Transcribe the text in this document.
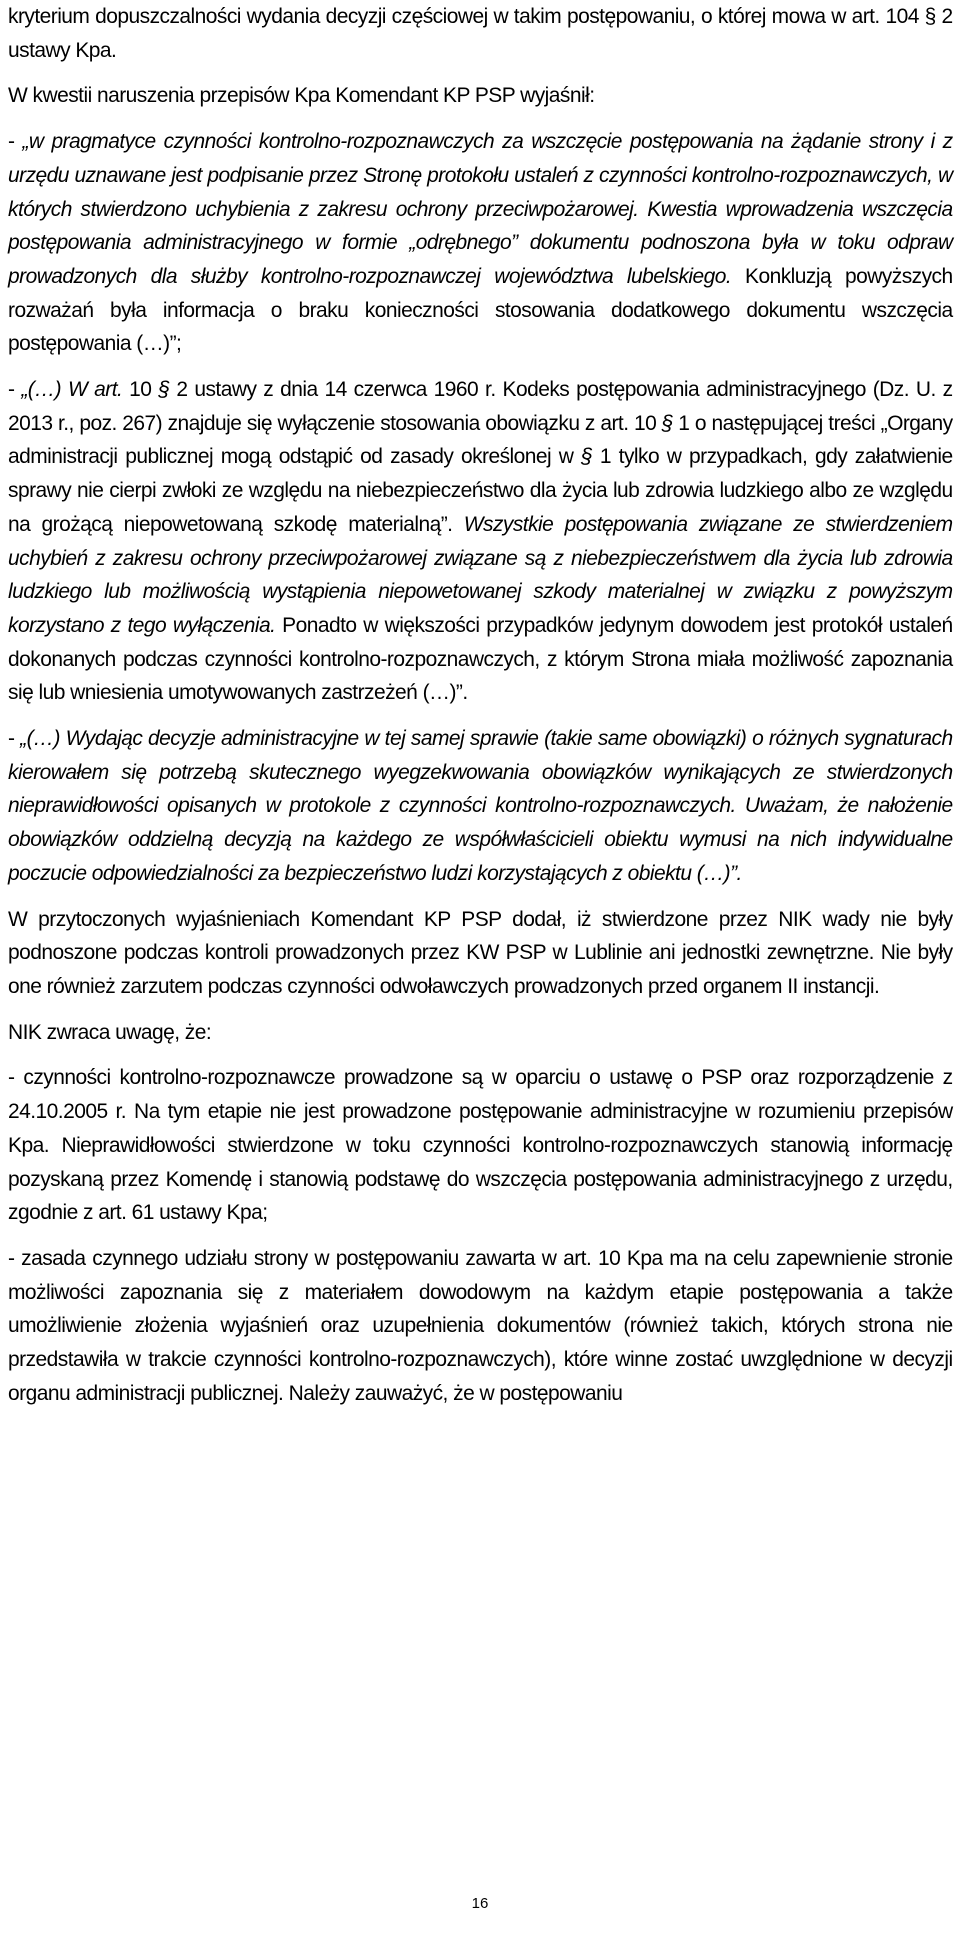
kryterium dopuszczalności wydania decyzji częściowej w takim postępowaniu, o której mowa w art. 104 § 2 ustawy Kpa.

W kwestii naruszenia przepisów Kpa Komendant KP PSP wyjaśnił:

- „w pragmatyce czynności kontrolno-rozpoznawczych za wszczęcie postępowania na żądanie strony i z urzędu uznawane jest podpisanie przez Stronę protokołu ustaleń z czynności kontrolno-rozpoznawczych, w których stwierdzono uchybienia z zakresu ochrony przeciwpożarowej. Kwestia wprowadzenia wszczęcia postępowania administracyjnego w formie „odrębnego” dokumentu podnoszona była w toku odpraw prowadzonych dla służby kontrolno-rozpoznawczej województwa lubelskiego. Konkluzją powyższych rozważań była informacja o braku konieczności stosowania dodatkowego dokumentu wszczęcia postępowania (…)”;

- „(…) W art. 10 § 2 ustawy z dnia 14 czerwca 1960 r. Kodeks postępowania administracyjnego (Dz. U. z 2013 r., poz. 267) znajduje się wyłączenie stosowania obowiązku z art. 10 § 1 o następującej treści „Organy administracji publicznej mogą odstąpić od zasady określonej w § 1 tylko w przypadkach, gdy załatwienie sprawy nie cierpi zwłoki ze względu na niebezpieczeństwo dla życia lub zdrowia ludzkiego albo ze względu na grożącą niepowetowaną szkodę materialną”. Wszystkie postępowania związane ze stwierdzeniem uchybień z zakresu ochrony przeciwpożarowej związane są z niebezpieczeństwem dla życia lub zdrowia ludzkiego lub możliwością wystąpienia niepowetowanej szkody materialnej w związku z powyższym korzystano z tego wyłączenia. Ponadto w większości przypadków jedynym dowodem jest protokół ustaleń dokonanych podczas czynności kontrolno-rozpoznawczych, z którym Strona miała możliwość zapoznania się lub wniesienia umotywowanych zastrzeżeń (…)”.

- „(…) Wydając decyzje administracyjne w tej samej sprawie (takie same obowiązki) o różnych sygnaturach kierowałem się potrzebą skutecznego wyegzekwowania obowiązków wynikających ze stwierdzonych nieprawidłowości opisanych w protokole z czynności kontrolno-rozpoznawczych. Uważam, że nałożenie obowiązków oddzielną decyzją na każdego ze współwłaścicieli obiektu wymusi na nich indywidualne poczucie odpowiedzialności za bezpieczeństwo ludzi korzystających z obiektu (…)”.

W przytoczonych wyjaśnieniach Komendant KP PSP dodał, iż stwierdzone przez NIK wady nie były podnoszone podczas kontroli prowadzonych przez KW PSP w Lublinie ani jednostki zewnętrzne. Nie były one również zarzutem podczas czynności odwoławczych prowadzonych przed organem II instancji.

NIK zwraca uwagę, że:

- czynności kontrolno-rozpoznawcze prowadzone są w oparciu o ustawę o PSP oraz rozporządzenie z 24.10.2005 r. Na tym etapie nie jest prowadzone postępowanie administracyjne w rozumieniu przepisów Kpa. Nieprawidłowości stwierdzone w toku czynności kontrolno-rozpoznawczych stanowią informację pozyskaną przez Komendę i stanowią podstawę do wszczęcia postępowania administracyjnego z urzędu, zgodnie z art. 61 ustawy Kpa;

- zasada czynnego udziału strony w postępowaniu zawarta w art. 10 Kpa ma na celu zapewnienie stronie możliwości zapoznania się z materiałem dowodowym na każdym etapie postępowania a także umożliwienie złożenia wyjaśnień oraz uzupełnienia dokumentów (również takich, których strona nie przedstawiła w trakcie czynności kontrolno-rozpoznawczych), które winne zostać uwzględnione w decyzji organu administracji publicznej. Należy zauważyć, że w postępowaniu

16
